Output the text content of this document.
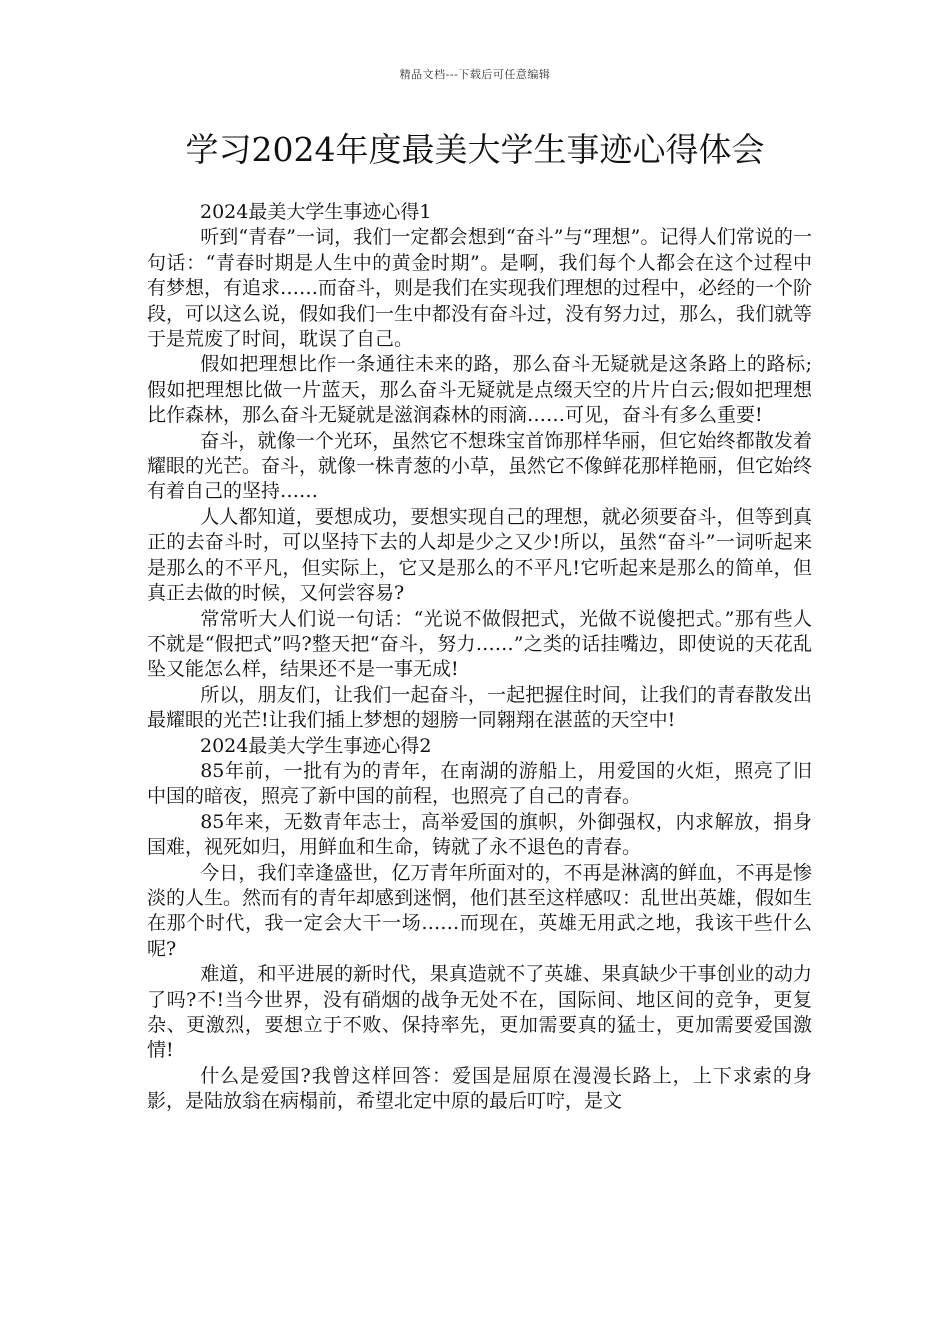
精品文档---下载后可任意编辑
学习2024年度最美大学生事迹心得体会

2024最美大学生事迹心得1

听到“青春”一词，我们一定都会想到“奋斗”与“理想”。记得人们常说的一句话：“青春时期是人生中的黄金时期”。是啊，我们每个人都会在这个过程中有梦想，有追求……而奋斗，则是我们在实现我们理想的过程中，必经的一个阶段，可以这么说，假如我们一生中都没有奋斗过，没有努力过，那么，我们就等于是荒废了时间，耽误了自己。

假如把理想比作一条通往未来的路，那么奋斗无疑就是这条路上的路标;假如把理想比做一片蓝天，那么奋斗无疑就是点缀天空的片片白云;假如把理想比作森林，那么奋斗无疑就是滋润森林的雨滴……可见，奋斗有多么重要!

奋斗，就像一个光环，虽然它不想珠宝首饰那样华丽，但它始终都散发着耀眼的光芒。奋斗，就像一株青葱的小草，虽然它不像鲜花那样艳丽，但它始终有着自己的坚持……

人人都知道，要想成功，要想实现自己的理想，就必须要奋斗，但等到真正的去奋斗时，可以坚持下去的人却是少之又少!所以，虽然“奋斗”一词听起来是那么的不平凡，但实际上，它又是那么的不平凡!它听起来是那么的简单，但真正去做的时候，又何尝容易?

常常听大人们说一句话：“光说不做假把式，光做不说傻把式。”那有些人不就是“假把式”吗?整天把“奋斗，努力……”之类的话挂嘴边，即使说的天花乱坠又能怎么样，结果还不是一事无成!

所以，朋友们，让我们一起奋斗，一起把握住时间，让我们的青春散发出最耀眼的光芒!让我们插上梦想的翅膀一同翱翔在湛蓝的天空中!

2024最美大学生事迹心得2

85年前，一批有为的青年，在南湖的游船上，用爱国的火炬，照亮了旧中国的暗夜，照亮了新中国的前程，也照亮了自己的青春。

85年来，无数青年志士，高举爱国的旗帜，外御强权，内求解放，捐身国难，视死如归，用鲜血和生命，铸就了永不退色的青春。

今日，我们幸逢盛世，亿万青年所面对的，不再是淋漓的鲜血，不再是惨淡的人生。然而有的青年却感到迷惘，他们甚至这样感叹：乱世出英雄，假如生在那个时代，我一定会大干一场……而现在，英雄无用武之地，我该干些什么呢?

难道，和平进展的新时代，果真造就不了英雄、果真缺少干事创业的动力了吗?不!当今世界，没有硝烟的战争无处不在，国际间、地区间的竞争，更复杂、更激烈，要想立于不败、保持率先，更加需要真的猛士，更加需要爱国激情!

什么是爱国?我曾这样回答：爱国是屈原在漫漫长路上，上下求索的身影，是陆放翁在病榻前，希望北定中原的最后叮咛，是文
